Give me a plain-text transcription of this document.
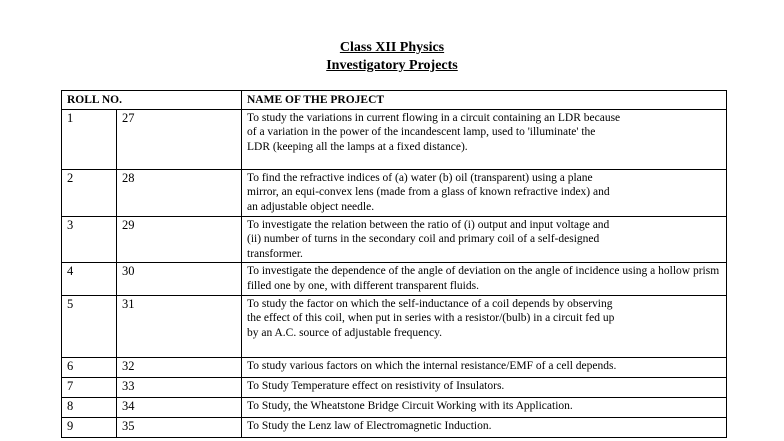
Class XII Physics
Investigatory Projects
ROLL NO.		NAME OF THE PROJECT
1	27	To study the variations in current flowing in a circuit containing an LDR because of a variation in the power of the incandescent lamp, used to 'illuminate' the LDR (keeping all the lamps at a fixed distance).

2	28	To find the refractive indices of (a) water (b) oil (transparent) using a plane mirror, an equi-convex lens (made from a glass of known refractive index) and an adjustable object needle.

3	29	To investigate the relation between the ratio of (i) output and input voltage and (ii) number of turns in the secondary coil and primary coil of a self-designed transformer.

4	30	To investigate the dependence of the angle of deviation on the angle of incidence using a hollow prism filled one by one, with different transparent fluids.

5	31	To study the factor on which the self-inductance of a coil depends by observing the effect of this coil, when put in series with a resistor/(bulb) in a circuit fed up by an A.C. source of adjustable frequency.

6	32	To study various factors on which the internal resistance/EMF of a cell depends.

7	33	To Study Temperature effect on resistivity of Insulators.

8	34	To Study, the Wheatstone Bridge Circuit Working with its Application.

9	35	To Study the Lenz law of Electromagnetic Induction.
